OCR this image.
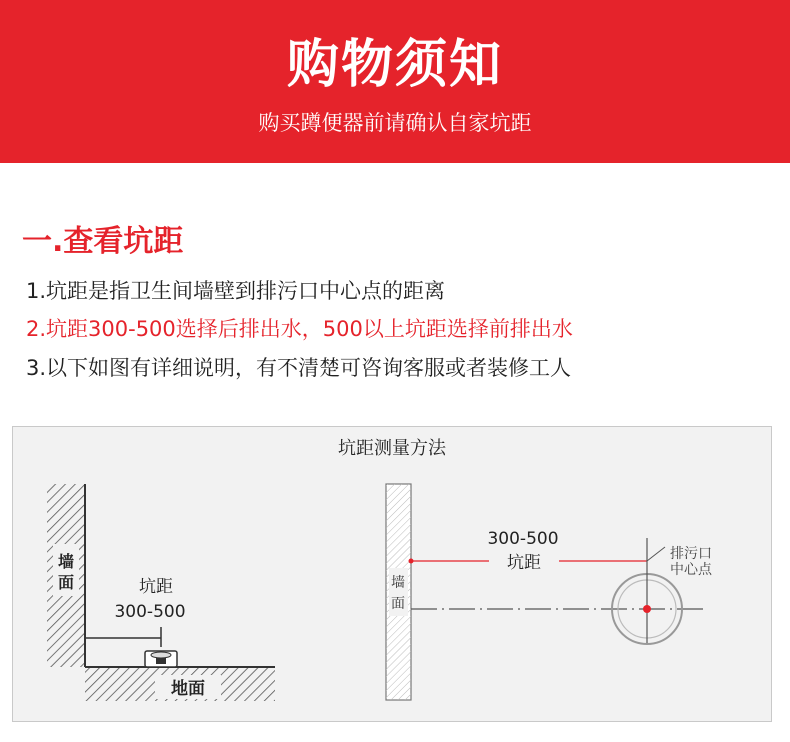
购物须知
购买蹲便器前请确认自家坑距
一.查看坑距
1.坑距是指卫生间墙壁到排污口中心点的距离
2.坑距300-500选择后排出水，500以上坑距选择前排出水
3.以下如图有详细说明，有不清楚可咨询客服或者装修工人
坑距测量方法
墙
面
地面
坑距
300-500
墙
面
300-500
坑距	排污口
中心点
